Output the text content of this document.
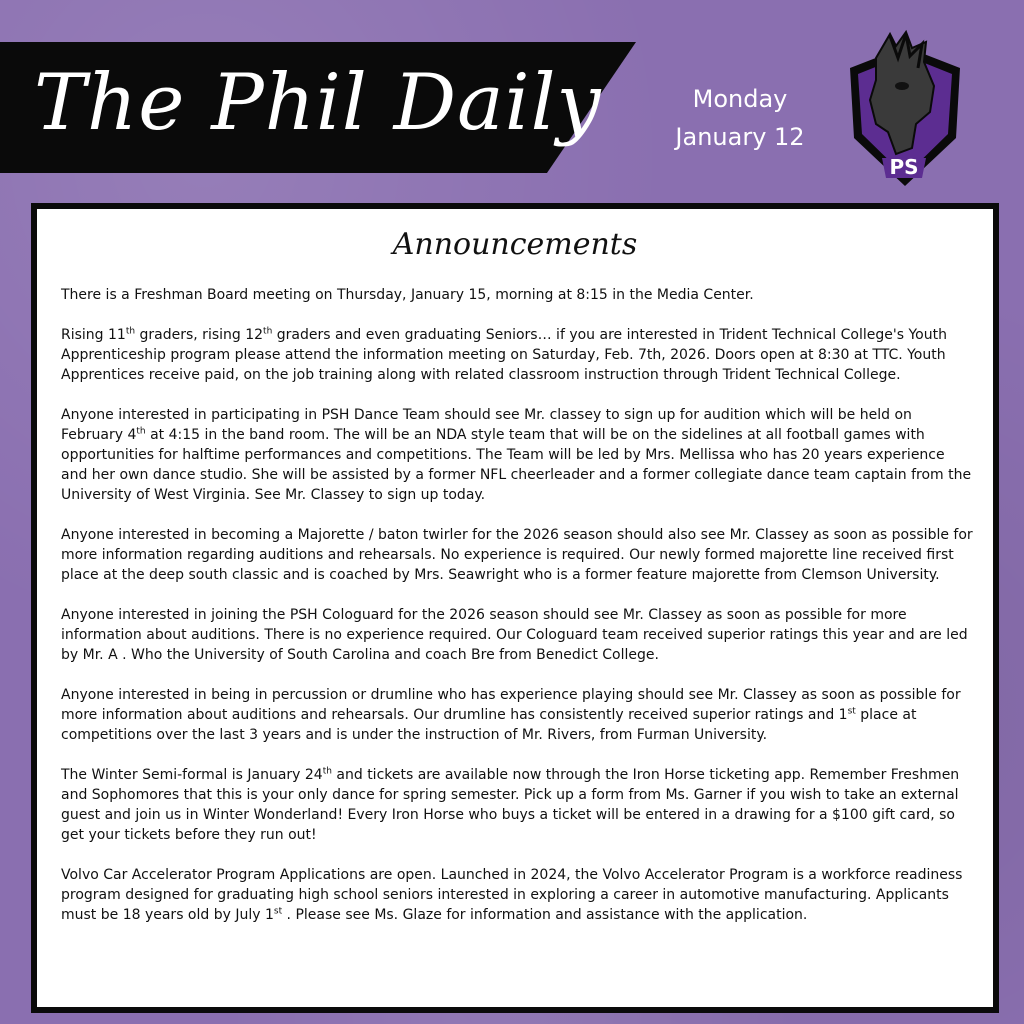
The Phil Daily	Monday
January 12
PS
Announcements

There is a Freshman Board meeting on Thursday, January 15, morning at 8:15 in the Media Center.

Rising 11th graders, rising 12th graders and even graduating Seniors… if you are interested in Trident Technical College's Youth Apprenticeship program please attend the information meeting on Saturday, Feb. 7th, 2026. Doors open at 8:30 at TTC. Youth Apprentices receive paid, on the job training along with related classroom instruction through Trident Technical College.

Anyone interested in participating in PSH Dance Team should see Mr. classey to sign up for audition which will be held on February 4th at 4:15 in the band room. The will be an NDA style team that will be on the sidelines at all football games with opportunities for halftime performances and competitions. The Team will be led by Mrs. Mellissa who has 20 years experience and her own dance studio. She will be assisted by a former NFL cheerleader and a former collegiate dance team captain from the University of West Virginia. See Mr. Classey to sign up today.

Anyone interested in becoming a Majorette / baton twirler for the 2026 season should also see Mr. Classey as soon as possible for more information regarding auditions and rehearsals. No experience is required. Our newly formed majorette line received first place at the deep south classic and is coached by Mrs. Seawright who is a former feature majorette from Clemson University.

Anyone interested in joining the PSH Cologuard for the 2026 season should see Mr. Classey as soon as possible for more information about auditions. There is no experience required. Our Cologuard team received superior ratings this year and are led by Mr. A . Who the University of South Carolina and coach Bre from Benedict College.

Anyone interested in being in percussion or drumline who has experience playing should see Mr. Classey as soon as possible for more information about auditions and rehearsals. Our drumline has consistently received superior ratings and 1st place at competitions over the last 3 years and is under the instruction of Mr. Rivers, from Furman University.

The Winter Semi-formal is January 24th and tickets are available now through the Iron Horse ticketing app. Remember Freshmen and Sophomores that this is your only dance for spring semester. Pick up a form from Ms. Garner if you wish to take an external guest and join us in Winter Wonderland! Every Iron Horse who buys a ticket will be entered in a drawing for a $100 gift card, so get your tickets before they run out!

Volvo Car Accelerator Program Applications are open. Launched in 2024, the Volvo Accelerator Program is a workforce readiness program designed for graduating high school seniors interested in exploring a career in automotive manufacturing. Applicants must be 18 years old by July 1st . Please see Ms. Glaze for information and assistance with the application.
